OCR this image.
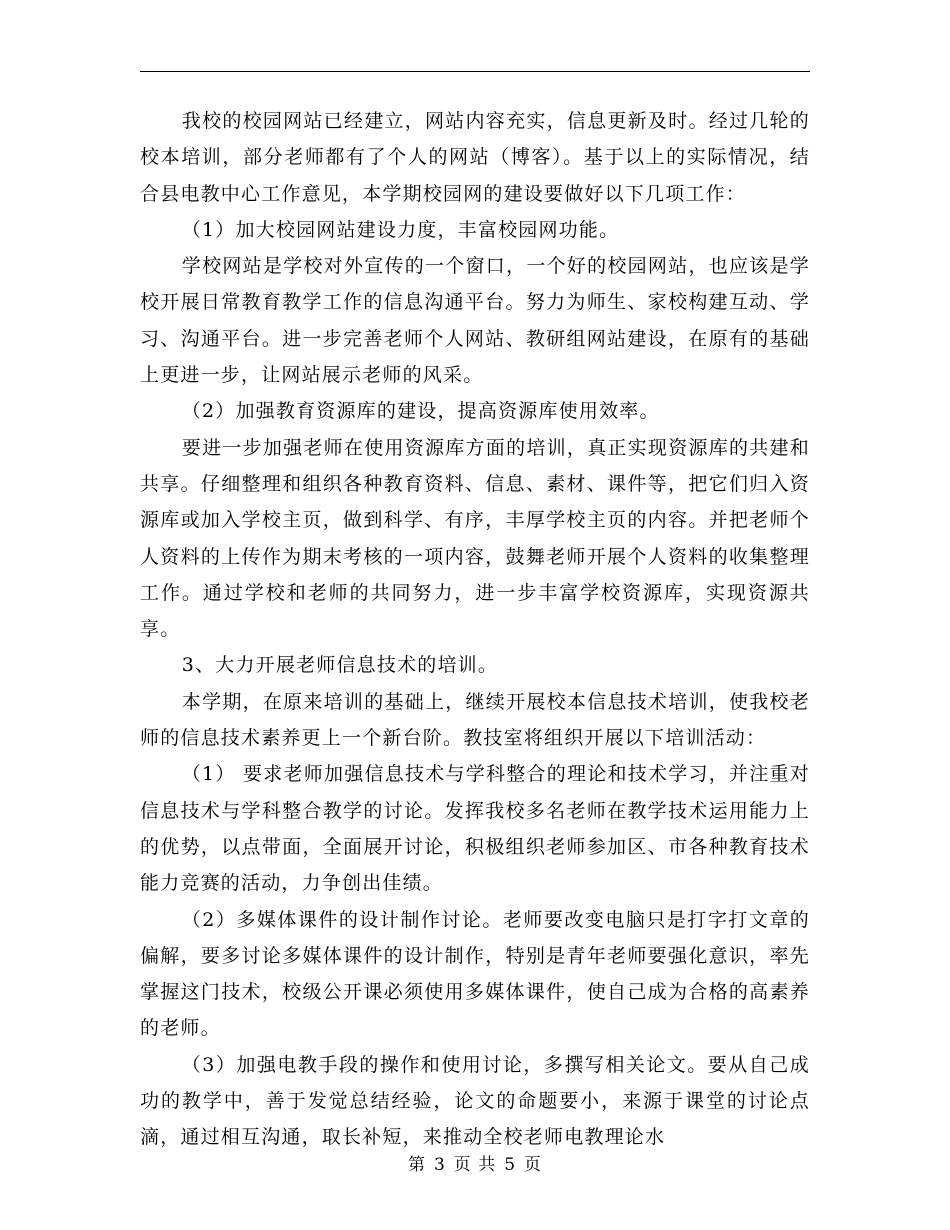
我校的校园网站已经建立，网站内容充实，信息更新及时。经过几轮的校本培训，部分老师都有了个人的网站（博客）。基于以上的实际情况，结合县电教中心工作意见，本学期校园网的建设要做好以下几项工作：

（1）加大校园网站建设力度，丰富校园网功能。

学校网站是学校对外宣传的一个窗口，一个好的校园网站，也应该是学校开展日常教育教学工作的信息沟通平台。努力为师生、家校构建互动、学习、沟通平台。进一步完善老师个人网站、教研组网站建设，在原有的基础上更进一步，让网站展示老师的风采。

（2）加强教育资源库的建设，提高资源库使用效率。

要进一步加强老师在使用资源库方面的培训，真正实现资源库的共建和共享。仔细整理和组织各种教育资料、信息、素材、课件等，把它们归入资源库或加入学校主页，做到科学、有序，丰厚学校主页的内容。并把老师个人资料的上传作为期末考核的一项内容，鼓舞老师开展个人资料的收集整理工作。通过学校和老师的共同努力，进一步丰富学校资源库，实现资源共享。

3、大力开展老师信息技术的培训。

本学期，在原来培训的基础上，继续开展校本信息技术培训，使我校老师的信息技术素养更上一个新台阶。教技室将组织开展以下培训活动：

（1） 要求老师加强信息技术与学科整合的理论和技术学习，并注重对信息技术与学科整合教学的讨论。发挥我校多名老师在教学技术运用能力上的优势，以点带面，全面展开讨论，积极组织老师参加区、市各种教育技术能力竞赛的活动，力争创出佳绩。

（2）多媒体课件的设计制作讨论。老师要改变电脑只是打字打文章的偏解，要多讨论多媒体课件的设计制作，特别是青年老师要强化意识，率先掌握这门技术，校级公开课必须使用多媒体课件，使自己成为合格的高素养的老师。

（3）加强电教手段的操作和使用讨论，多撰写相关论文。要从自己成功的教学中，善于发觉总结经验，论文的命题要小，来源于课堂的讨论点滴，通过相互沟通，取长补短，来推动全校老师电教理论水

第 3 页 共 5 页
